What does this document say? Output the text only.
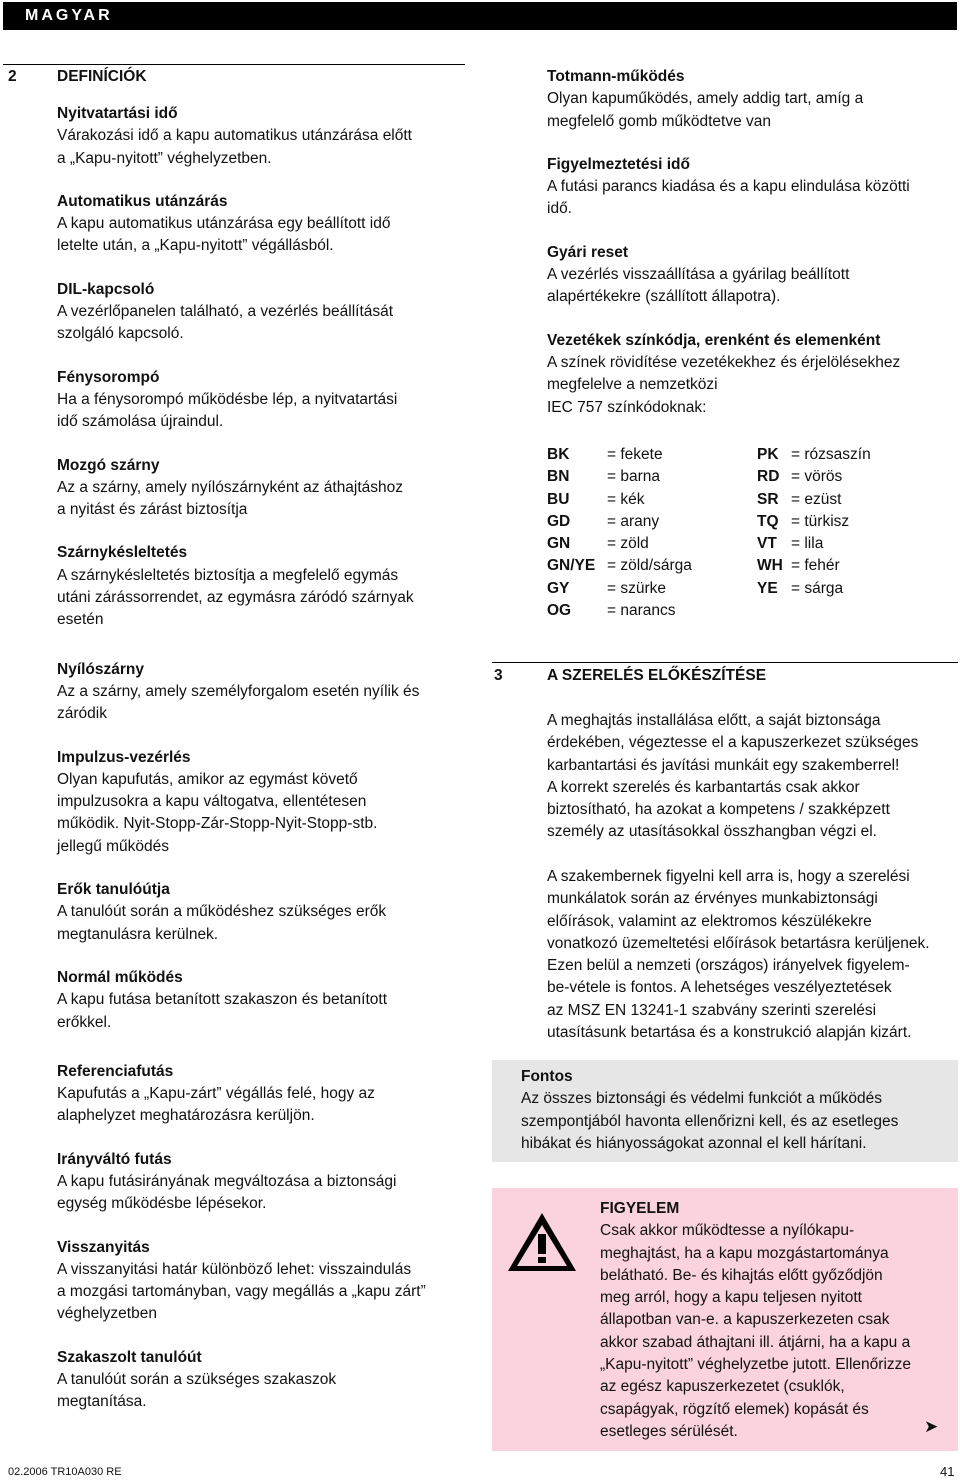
MAGYAR
2	DEFINÍCIÓK
Nyitvatartási idő
Várakozási idő a kapu automatikus utánzárása előtt
a „Kapu-nyitott” véghelyzetben.
Automatikus utánzárás
A kapu automatikus utánzárása egy beállított idő
letelte után, a „Kapu-nyitott” végállásból.
DIL-kapcsoló
A vezérlőpanelen található, a vezérlés beállítását
szolgáló kapcsoló.
Fénysorompó
Ha a fénysorompó működésbe lép, a nyitvatartási
idő számolása újraindul.
Mozgó szárny
Az a szárny, amely nyílószárnyként az áthajtáshoz
a nyitást és zárást biztosítja
Szárnykésleltetés
A szárnykésleltetés biztosítja a megfelelő egymás
utáni zárássorrendet, az egymásra záródó szárnyak
esetén
Nyílószárny
Az a szárny, amely személyforgalom esetén nyílik és
záródik
Impulzus-vezérlés
Olyan kapufutás, amikor az egymást követő
impulzusokra a kapu váltogatva, ellentétesen
működik. Nyit-Stopp-Zár-Stopp-Nyit-Stopp-stb.
jellegű működés
Erők tanulóútja
A tanulóút során a működéshez szükséges erők
megtanulásra kerülnek.
Normál működés
A kapu futása betanított szakaszon és betanított
erőkkel.
Referenciafutás
Kapufutás a „Kapu-zárt” végállás felé, hogy az
alaphelyzet meghatározásra kerüljön.
Irányváltó futás
A kapu futásirányának megváltozása a biztonsági
egység működésbe lépésekor.
Visszanyitás
A visszanyitási határ különböző lehet: visszaindulás
a mozgási tartományban, vagy megállás a „kapu zárt”
véghelyzetben
Szakaszolt tanulóút
A tanulóút során a szükséges szakaszok
megtanítása.
Totmann-működés
Olyan kapuműködés, amely addig tart, amíg a
megfelelő gomb működtetve van
Figyelmeztetési idő
A futási parancs kiadása és a kapu elindulása közötti
idő.
Gyári reset
A vezérlés visszaállítása a gyárilag beállított
alapértékekre (szállított állapotra).
Vezetékek színkódja, erenként és elemenként
A színek rövidítése vezetékekhez és érjelölésekhez
megfelelve a nemzetközi
IEC 757 színkódoknak:
BK = fekete	PK = rózsaszín
BN = barna	RD = vörös
BU = kék	SR = ezüst
GD = arany	TQ = türkisz
GN = zöld	VT = lila
GN/YE = zöld/sárga	WH = fehér
GY = szürke	YE = sárga
OG = narancs
3	A SZERELÉS ELŐKÉSZÍTÉSE
A meghajtás installálása előtt, a saját biztonsága
érdekében, végeztesse el a kapuszerkezet szükséges
karbantartási és javítási munkáit egy szakemberrel!
A korrekt szerelés és karbantartás csak akkor
biztosítható, ha azokat a kompetens / szakképzett
személy az utasításokkal összhangban végzi el.
A szakembernek figyelni kell arra is, hogy a szerelési
munkálatok során az érvényes munkabiztonsági
előírások, valamint az elektromos készülékekre
vonatkozó üzemeltetési előírások betartásra kerüljenek.
Ezen belül a nemzeti (országos) irányelvek figyelem-
be-vétele is fontos. A lehetséges veszélyeztetések
az MSZ EN 13241-1 szabvány szerinti szerelési
utasításunk betartása és a konstrukció alapján kizárt.
Fontos
Az összes biztonsági és védelmi funkciót a működés
szempontjából havonta ellenőrizni kell, és az esetleges
hibákat és hiányosságokat azonnal el kell hárítani.
FIGYELEM
Csak akkor működtesse a nyílókapu-
meghajtást, ha a kapu mozgástartománya
belátható. Be- és kihajtás előtt győződjön
meg arról, hogy a kapu teljesen nyitott
állapotban van-e. a kapuszerkezeten csak
akkor szabad áthajtani ill. átjárni, ha a kapu a
„Kapu-nyitott” véghelyzetbe jutott. Ellenőrizze
az egész kapuszerkezetet (csuklók,
csapágyak, rögzítő elemek) kopását és
esetleges sérülését.	➤
02.2006 TR10A030 RE	41
